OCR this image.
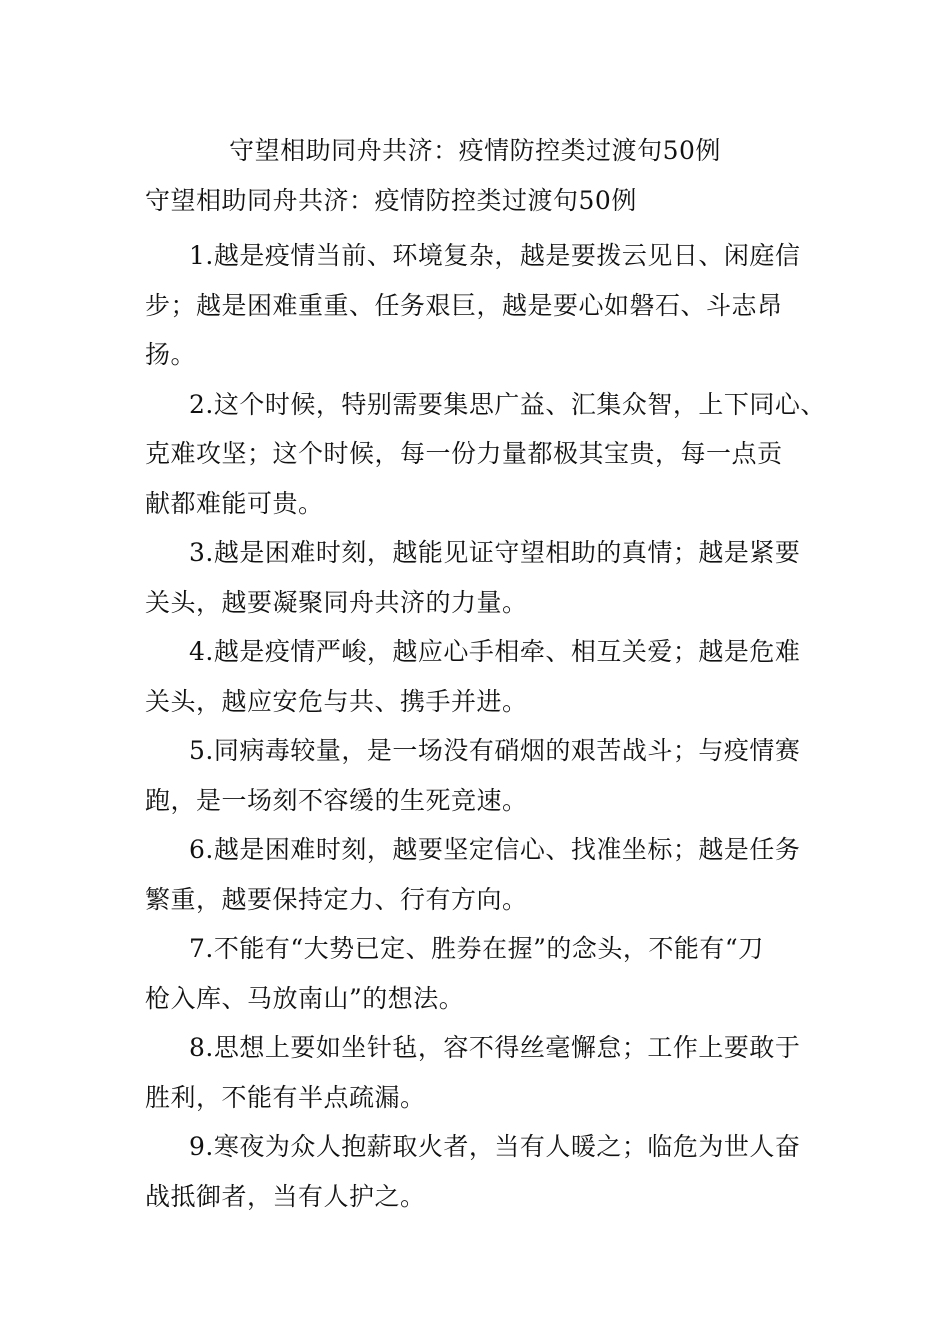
守望相助同舟共济：疫情防控类过渡句50例
守望相助同舟共济：疫情防控类过渡句50例
1.越是疫情当前、环境复杂，越是要拨云见日、闲庭信
步；越是困难重重、任务艰巨，越是要心如磐石、斗志昂
扬。
2.这个时候，特别需要集思广益、汇集众智，上下同心、
克难攻坚；这个时候，每一份力量都极其宝贵，每一点贡
献都难能可贵。
3.越是困难时刻，越能见证守望相助的真情；越是紧要
关头，越要凝聚同舟共济的力量。
4.越是疫情严峻，越应心手相牵、相互关爱；越是危难
关头，越应安危与共、携手并进。
5.同病毒较量，是一场没有硝烟的艰苦战斗；与疫情赛
跑，是一场刻不容缓的生死竞速。
6.越是困难时刻，越要坚定信心、找准坐标；越是任务
繁重，越要保持定力、行有方向。
7.不能有“大势已定、胜券在握”的念头，不能有“刀
枪入库、马放南山”的想法。
8.思想上要如坐针毡，容不得丝毫懈怠；工作上要敢于
胜利，不能有半点疏漏。
9.寒夜为众人抱薪取火者，当有人暖之；临危为世人奋
战抵御者，当有人护之。
